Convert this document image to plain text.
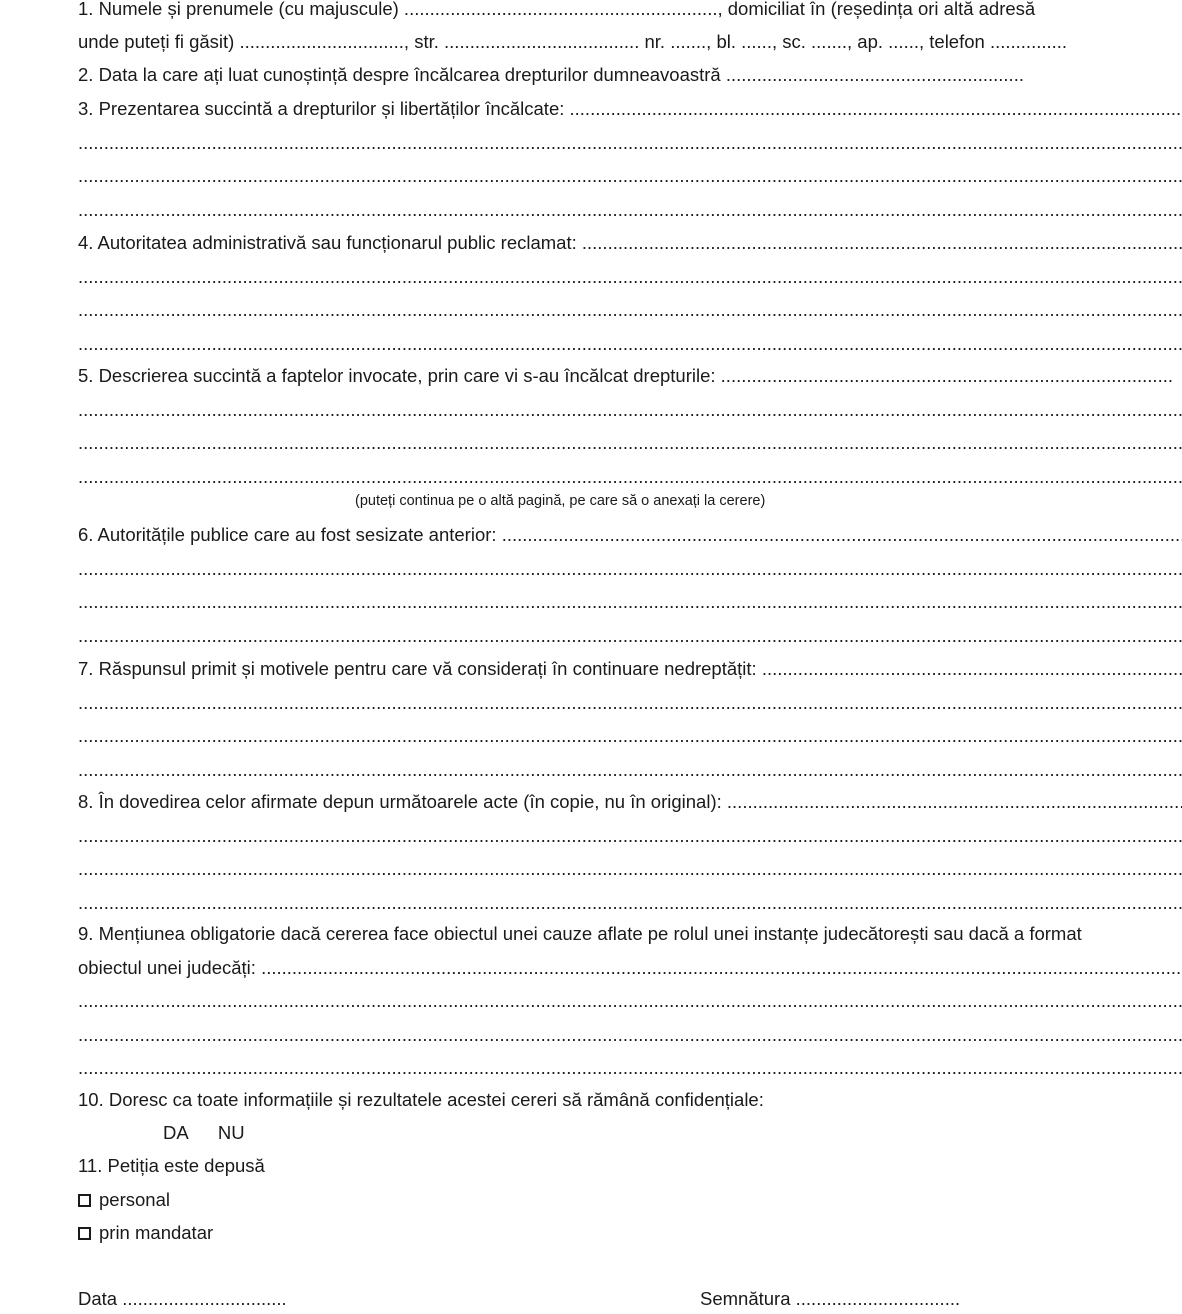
1. Numele și prenumele (cu majuscule) ............................................................., domiciliat în (reședința ori altă adresă
unde puteți fi găsit) ................................, str. ...................................... nr. ......., bl. ......, sc. ......., ap. ......, telefon ...............
2. Data la care ați luat cunoștință despre încălcarea drepturilor dumneavoastră ..........................................................
3. Prezentarea succintă a drepturilor și libertăților încălcate:
.....
.....
.....
.....
4. Autoritatea administrativă sau funcționarul public reclamat:
.....
.....
.....
.....
5. Descrierea succintă a faptelor invocate, prin care vi s-au încălcat drepturile:
.....
.....
.....
.....
(puteți continua pe o altă pagină, pe care să o anexați la cerere)
6. Autoritățile publice care au fost sesizate anterior:
.....
.....
.....
.....
7. Răspunsul primit și motivele pentru care vă considerați în continuare nedreptățit:
.....
.....
.....
.....
8. În dovedirea celor afirmate depun următoarele acte (în copie, nu în original):
.....
.....
.....
.....
9. Mențiunea obligatorie dacă cererea face obiectul unei cauze aflate pe rolul unei instanțe judecătorești sau dacă a format
obiectul unei judecăți:
.....
.....
.....
.....
10. Doresc ca toate informațiile și rezultatele acestei cereri să rămână confidențiale:
DA NU
11. Petiția este depusă
personal
prin mandatar
Data ................................	Semnătura ................................
